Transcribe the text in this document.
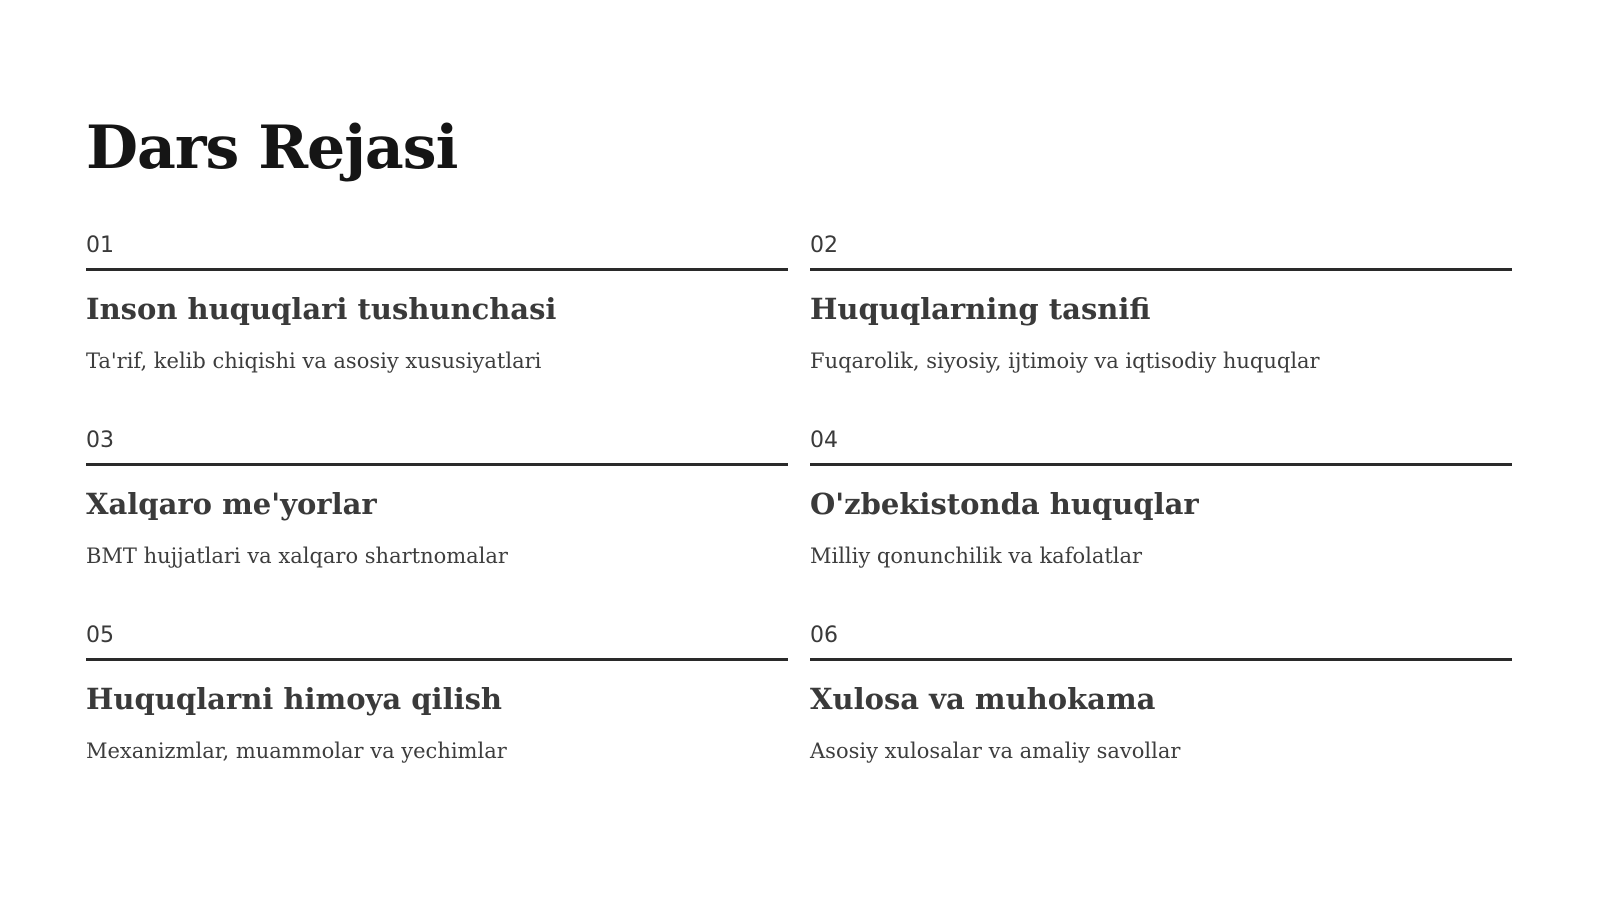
Dars Rejasi
01
Inson huquqlari tushunchasi
Ta'rif, kelib chiqishi va asosiy xususiyatlari
02
Huquqlarning tasnifi
Fuqarolik, siyosiy, ijtimoiy va iqtisodiy huquqlar
03
Xalqaro me'yorlar
BMT hujjatlari va xalqaro shartnomalar
04
O'zbekistonda huquqlar
Milliy qonunchilik va kafolatlar
05
Huquqlarni himoya qilish
Mexanizmlar, muammolar va yechimlar
06
Xulosa va muhokama
Asosiy xulosalar va amaliy savollar
